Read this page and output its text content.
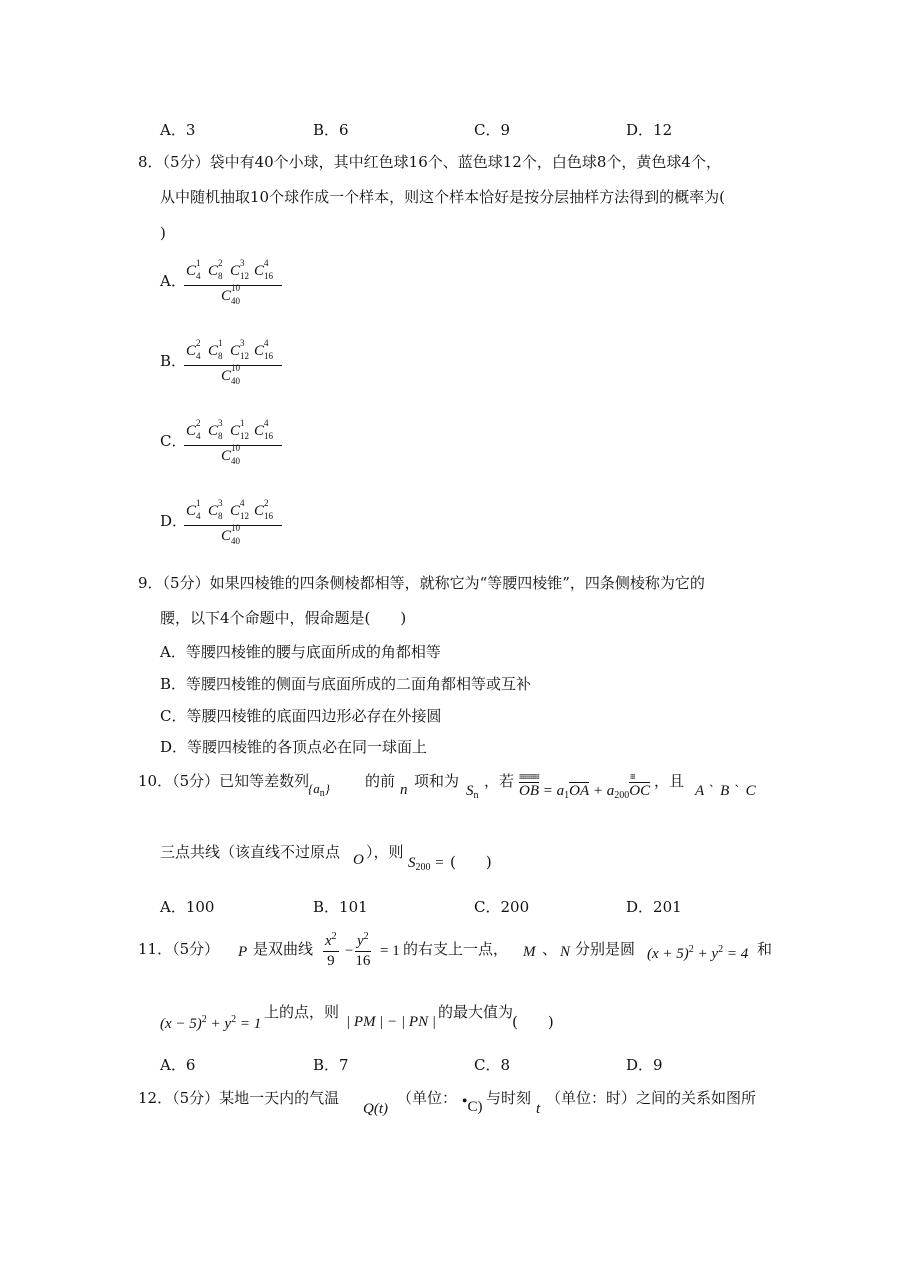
A．3	B．6	C．9	D．12
8．（5分）袋中有40个小球，其中红色球16个、蓝色球12个，白色球8个，黄色球4个，
从中随机抽取10个球作成一个样本，则这个样本恰好是按分层抽样方法得到的概率为(
)
A．
C 1
4 C 2
8 C 3
12 C 4
16
C 10
40
B．
C 2
4 C 1
8 C 3
12 C 4
16
C 10
40
C．
C 2
4 C 3
8 C 1
12 C 4
16
C 10
40
D．
C 1
4 C 3
8 C 4
12 C 2
16
C 10
40
9．（5分）如果四棱锥的四条侧棱都相等，就称它为“等腰四棱锥”，四条侧棱称为它的
腰，以下4个命题中，假命题是(　　)
A．等腰四棱锥的腰与底面所成的角都相等
B．等腰四棱锥的侧面与底面所成的二面角都相等或互补
C．等腰四棱锥的底面四边形必存在外接圆
D．等腰四棱锥的各顶点必在同一球面上
10．（5分）已知等差数列
$\{a_n\}$ 的前 n 项和为
$S_n$
，若 ⁞⁞⁞⁞⁞⁞⁞⁞⁞⁞⁞⁞⁞⁞⁞⁞⁞⁞⁞⁞⁞
OB = $a_1OA + a_{200}OC$
⁞⁞⁞⁞⁞ ，且
A `  B `  C
三点共线（该直线不过原点 O ），则
$S_{200}$ = (　　)
A．100	B．101	C．200	D．201
11．（5分） P 是双曲线 $\frac{x^2}{9} - \frac{y^2}{16} = 1$ 的右支上一点， M 、 N 分别是圆 $(x + 5)^2 + y^2 = 4$ 和
$(x - 5)^2 + y^2 = 1$
上的点，则
| PM | − | PN |
的最大值为
(　　)
A．6	B．7	C．8	D．9
12．（5分）某地一天内的气温
Q(t)
（单位： ●C) 与时刻
t
（单位：时）之间的关系如图所
